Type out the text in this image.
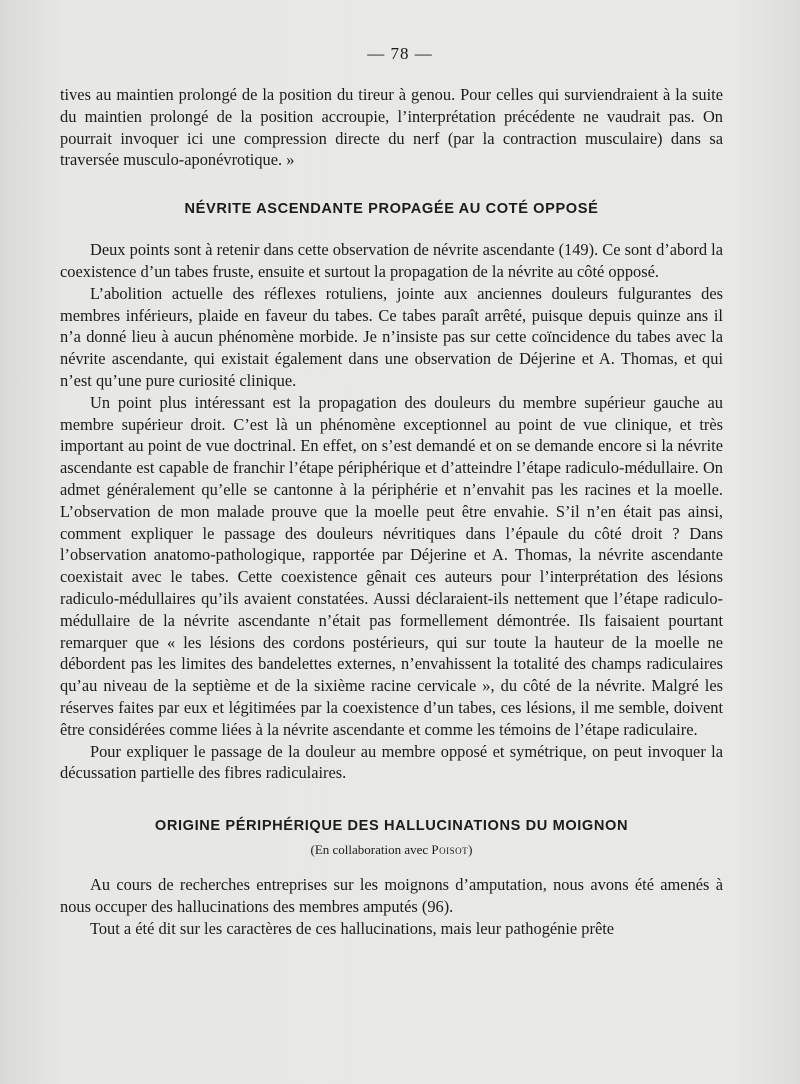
— 78 —

tives au maintien prolongé de la position du tireur à genou. Pour celles qui surviendraient à la suite du maintien prolongé de la position accroupie, l’interprétation précédente ne vaudrait pas. On pourrait invoquer ici une compression directe du nerf (par la contraction musculaire) dans sa traversée musculo-aponévrotique. »

NÉVRITE ASCENDANTE PROPAGÉE AU COTÉ OPPOSÉ

Deux points sont à retenir dans cette observation de névrite ascendante (149). Ce sont d’abord la coexistence d’un tabes fruste, ensuite et surtout la propagation de la névrite au côté opposé.

L’abolition actuelle des réflexes rotuliens, jointe aux anciennes douleurs fulgurantes des membres inférieurs, plaide en faveur du tabes. Ce tabes paraît arrêté, puisque depuis quinze ans il n’a donné lieu à aucun phénomène morbide. Je n’insiste pas sur cette coïncidence du tabes avec la névrite ascendante, qui existait également dans une observation de Déjerine et A. Thomas, et qui n’est qu’une pure curiosité clinique.

Un point plus intéressant est la propagation des douleurs du membre supérieur gauche au membre supérieur droit. C’est là un phénomène exceptionnel au point de vue clinique, et très important au point de vue doctrinal. En effet, on s’est demandé et on se demande encore si la névrite ascendante est capable de franchir l’étape périphérique et d’atteindre l’étape radiculo-médullaire. On admet généralement qu’elle se cantonne à la périphérie et n’envahit pas les racines et la moelle. L’observation de mon malade prouve que la moelle peut être envahie. S’il n’en était pas ainsi, comment expliquer le passage des douleurs névritiques dans l’épaule du côté droit ? Dans l’observation anatomo-pathologique, rapportée par Déjerine et A. Thomas, la névrite ascendante coexistait avec le tabes. Cette coexistence gênait ces auteurs pour l’interprétation des lésions radiculo-médullaires qu’ils avaient constatées. Aussi déclaraient-ils nettement que l’étape radiculo-médullaire de la névrite ascendante n’était pas formellement démontrée. Ils faisaient pourtant remarquer que « les lésions des cordons postérieurs, qui sur toute la hauteur de la moelle ne débordent pas les limites des bandelettes externes, n’envahissent la totalité des champs radiculaires qu’au niveau de la septième et de la sixième racine cervicale », du côté de la névrite. Malgré les réserves faites par eux et légitimées par la coexistence d’un tabes, ces lésions, il me semble, doivent être considérées comme liées à la névrite ascendante et comme les témoins de l’étape radiculaire.

Pour expliquer le passage de la douleur au membre opposé et symétrique, on peut invoquer la décussation partielle des fibres radiculaires.

ORIGINE PÉRIPHÉRIQUE DES HALLUCINATIONS DU MOIGNON
(En collaboration avec Poisot)

Au cours de recherches entreprises sur les moignons d’amputation, nous avons été amenés à nous occuper des hallucinations des membres amputés (96).

Tout a été dit sur les caractères de ces hallucinations, mais leur pathogénie prête
